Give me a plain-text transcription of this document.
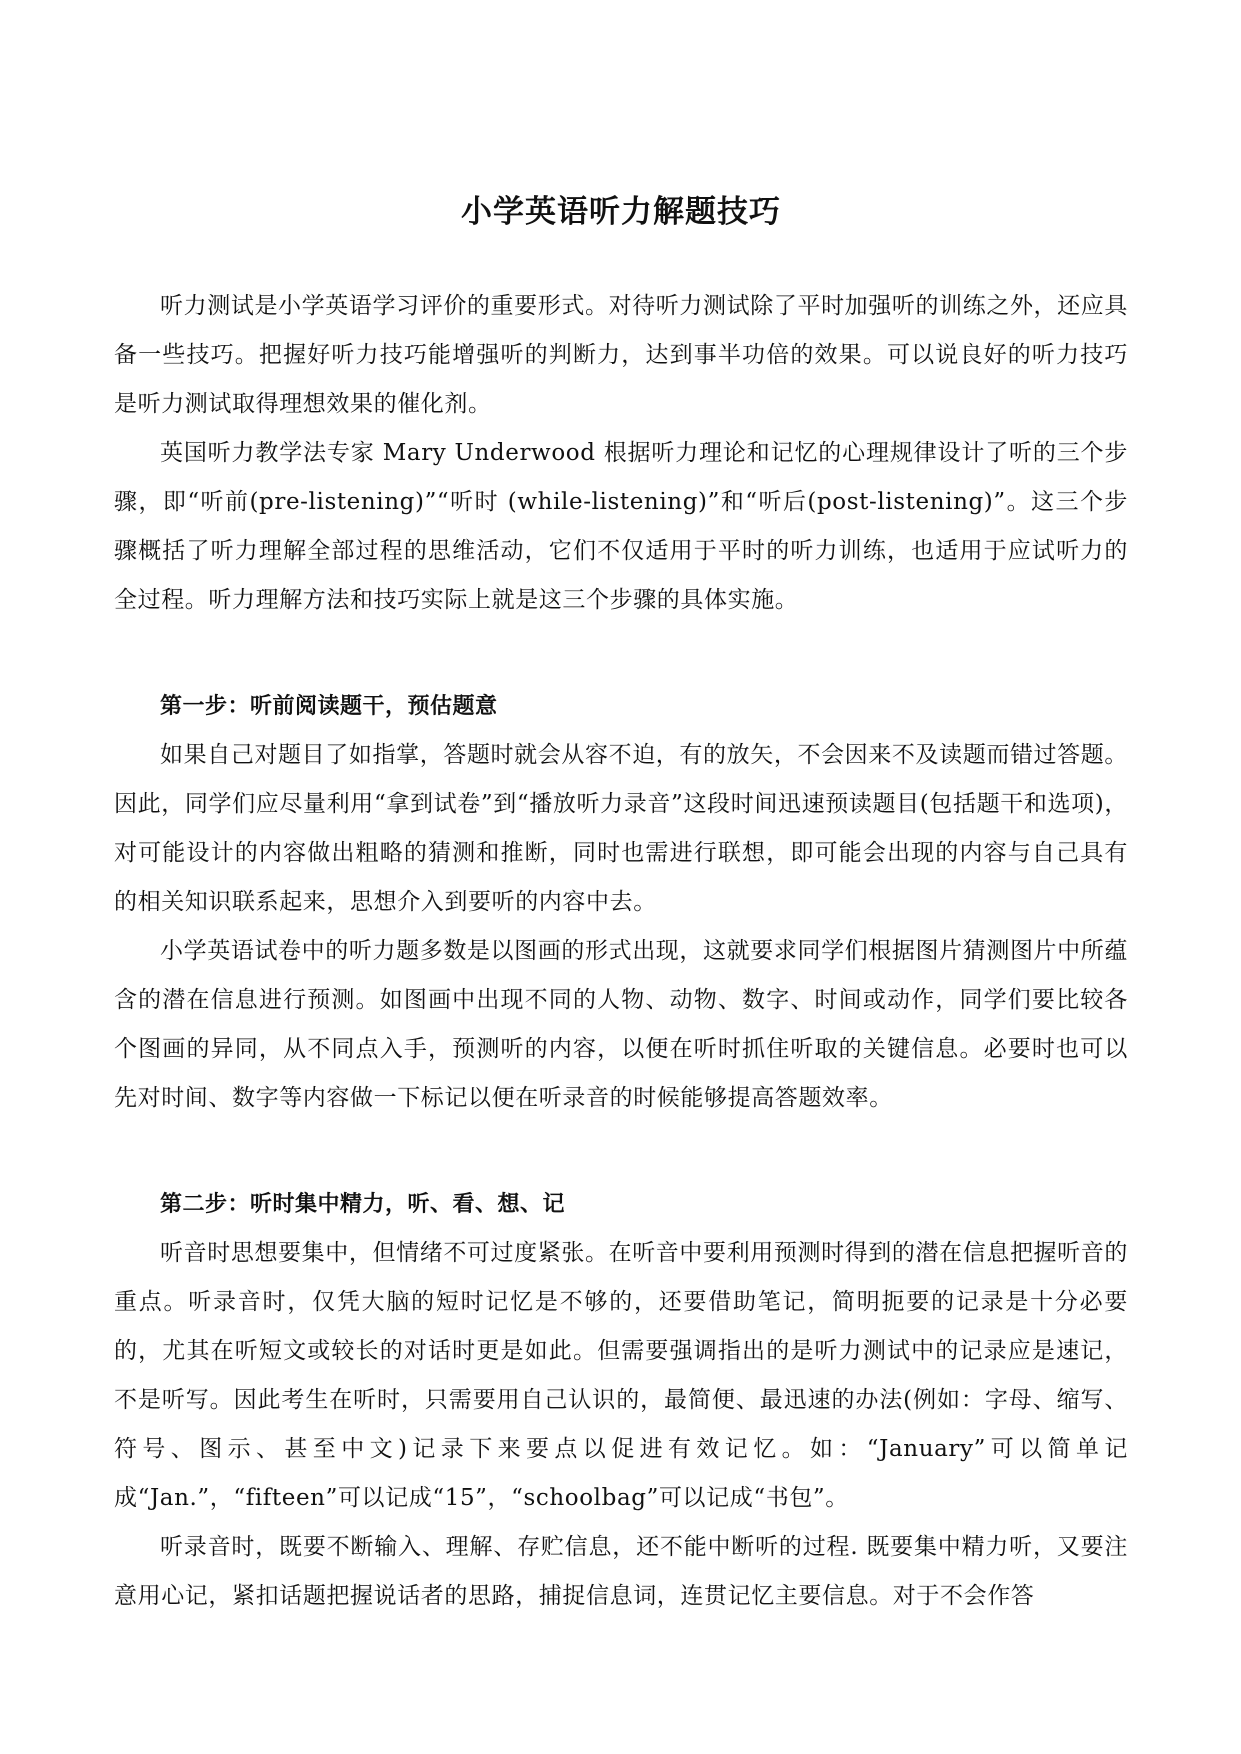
小学英语听力解题技巧

听力测试是小学英语学习评价的重要形式。对待听力测试除了平时加强听的训练之外，还应具备一些技巧。把握好听力技巧能增强听的判断力，达到事半功倍的效果。可以说良好的听力技巧是听力测试取得理想效果的催化剂。

英国听力教学法专家 Mary Underwood 根据听力理论和记忆的心理规律设计了听的三个步骤，即“听前(pre-listening)”“听时 (while-listening)”和“听后(post-listening)”。这三个步骤概括了听力理解全部过程的思维活动，它们不仅适用于平时的听力训练，也适用于应试听力的全过程。听力理解方法和技巧实际上就是这三个步骤的具体实施。

第一步：听前阅读题干，预估题意

如果自己对题目了如指掌，答题时就会从容不迫，有的放矢，不会因来不及读题而错过答题。因此，同学们应尽量利用“拿到试卷”到“播放听力录音”这段时间迅速预读题目(包括题干和选项)，对可能设计的内容做出粗略的猜测和推断，同时也需进行联想，即可能会出现的内容与自己具有的相关知识联系起来，思想介入到要听的内容中去。

小学英语试卷中的听力题多数是以图画的形式出现，这就要求同学们根据图片猜测图片中所蕴含的潜在信息进行预测。如图画中出现不同的人物、动物、数字、时间或动作，同学们要比较各个图画的异同，从不同点入手，预测听的内容，以便在听时抓住听取的关键信息。必要时也可以先对时间、数字等内容做一下标记以便在听录音的时候能够提高答题效率。

第二步：听时集中精力，听、看、想、记

听音时思想要集中，但情绪不可过度紧张。在听音中要利用预测时得到的潜在信息把握听音的重点。听录音时，仅凭大脑的短时记忆是不够的，还要借助笔记，简明扼要的记录是十分必要的，尤其在听短文或较长的对话时更是如此。但需要强调指出的是听力测试中的记录应是速记，不是听写。因此考生在听时，只需要用自己认识的，最简便、最迅速的办法(例如：字母、缩写、符号、图示、甚至中文)记录下来要点以促进有效记忆。如：“January”可以简单记成“Jan.”，“fifteen”可以记成“15”，“schoolbag”可以记成“书包”。

听录音时，既要不断输入、理解、存贮信息，还不能中断听的过程. 既要集中精力听，又要注意用心记，紧扣话题把握说话者的思路，捕捉信息词，连贯记忆主要信息。对于不会作答
